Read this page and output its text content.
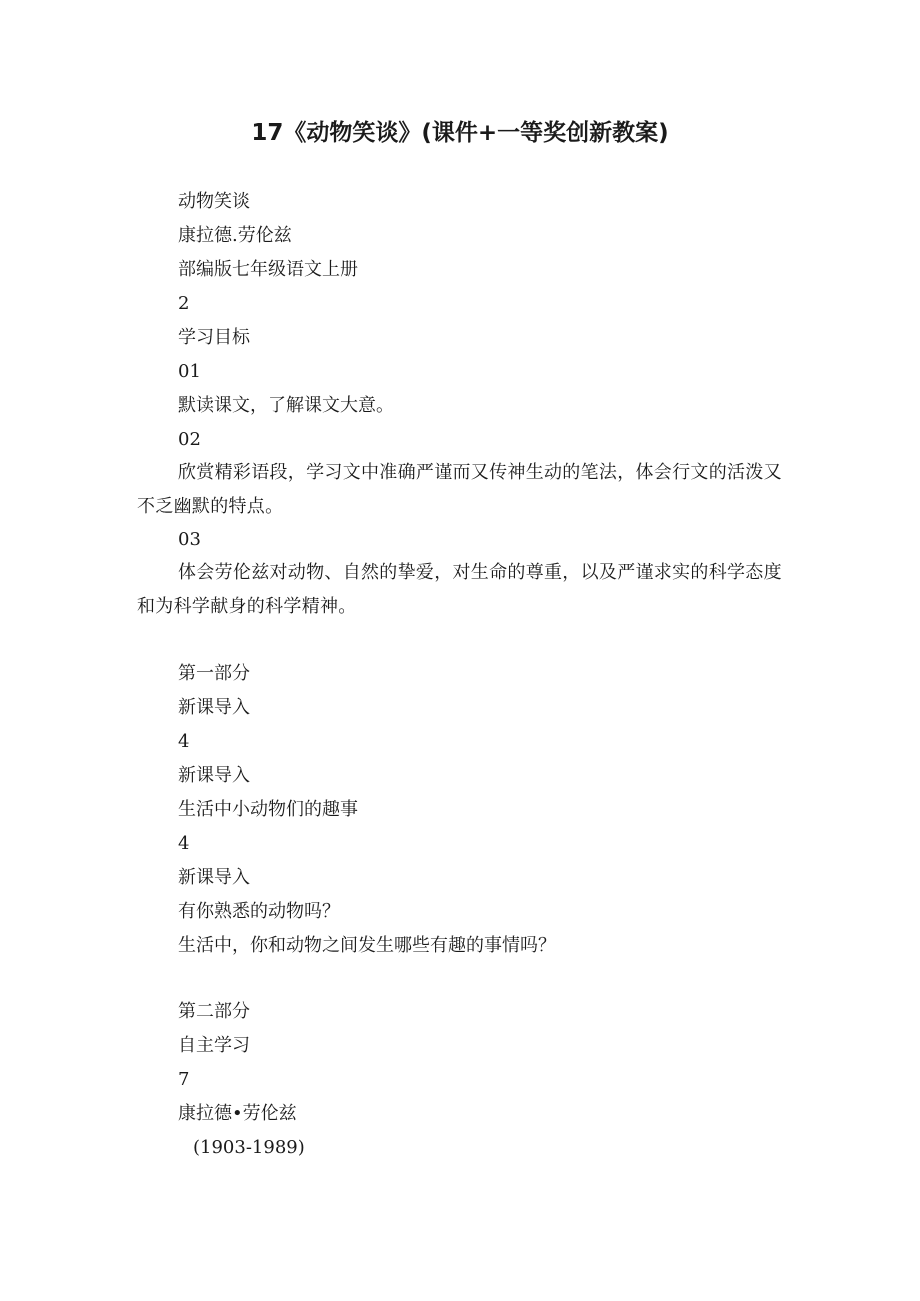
17《动物笑谈》(课件+一等奖创新教案)

动物笑谈

康拉德.劳伦兹

部编版七年级语文上册

2

学习目标

01

默读课文，了解课文大意。

02

欣赏精彩语段，学习文中准确严谨而又传神生动的笔法，体会行文的活泼又不乏幽默的特点。

03

体会劳伦兹对动物、自然的挚爱，对生命的尊重，以及严谨求实的科学态度和为科学献身的科学精神。

第一部分

新课导入

4

新课导入

生活中小动物们的趣事

4

新课导入

有你熟悉的动物吗？

生活中，你和动物之间发生哪些有趣的事情吗？

第二部分

自主学习

7

康拉德•劳伦兹

(1903-1989)
